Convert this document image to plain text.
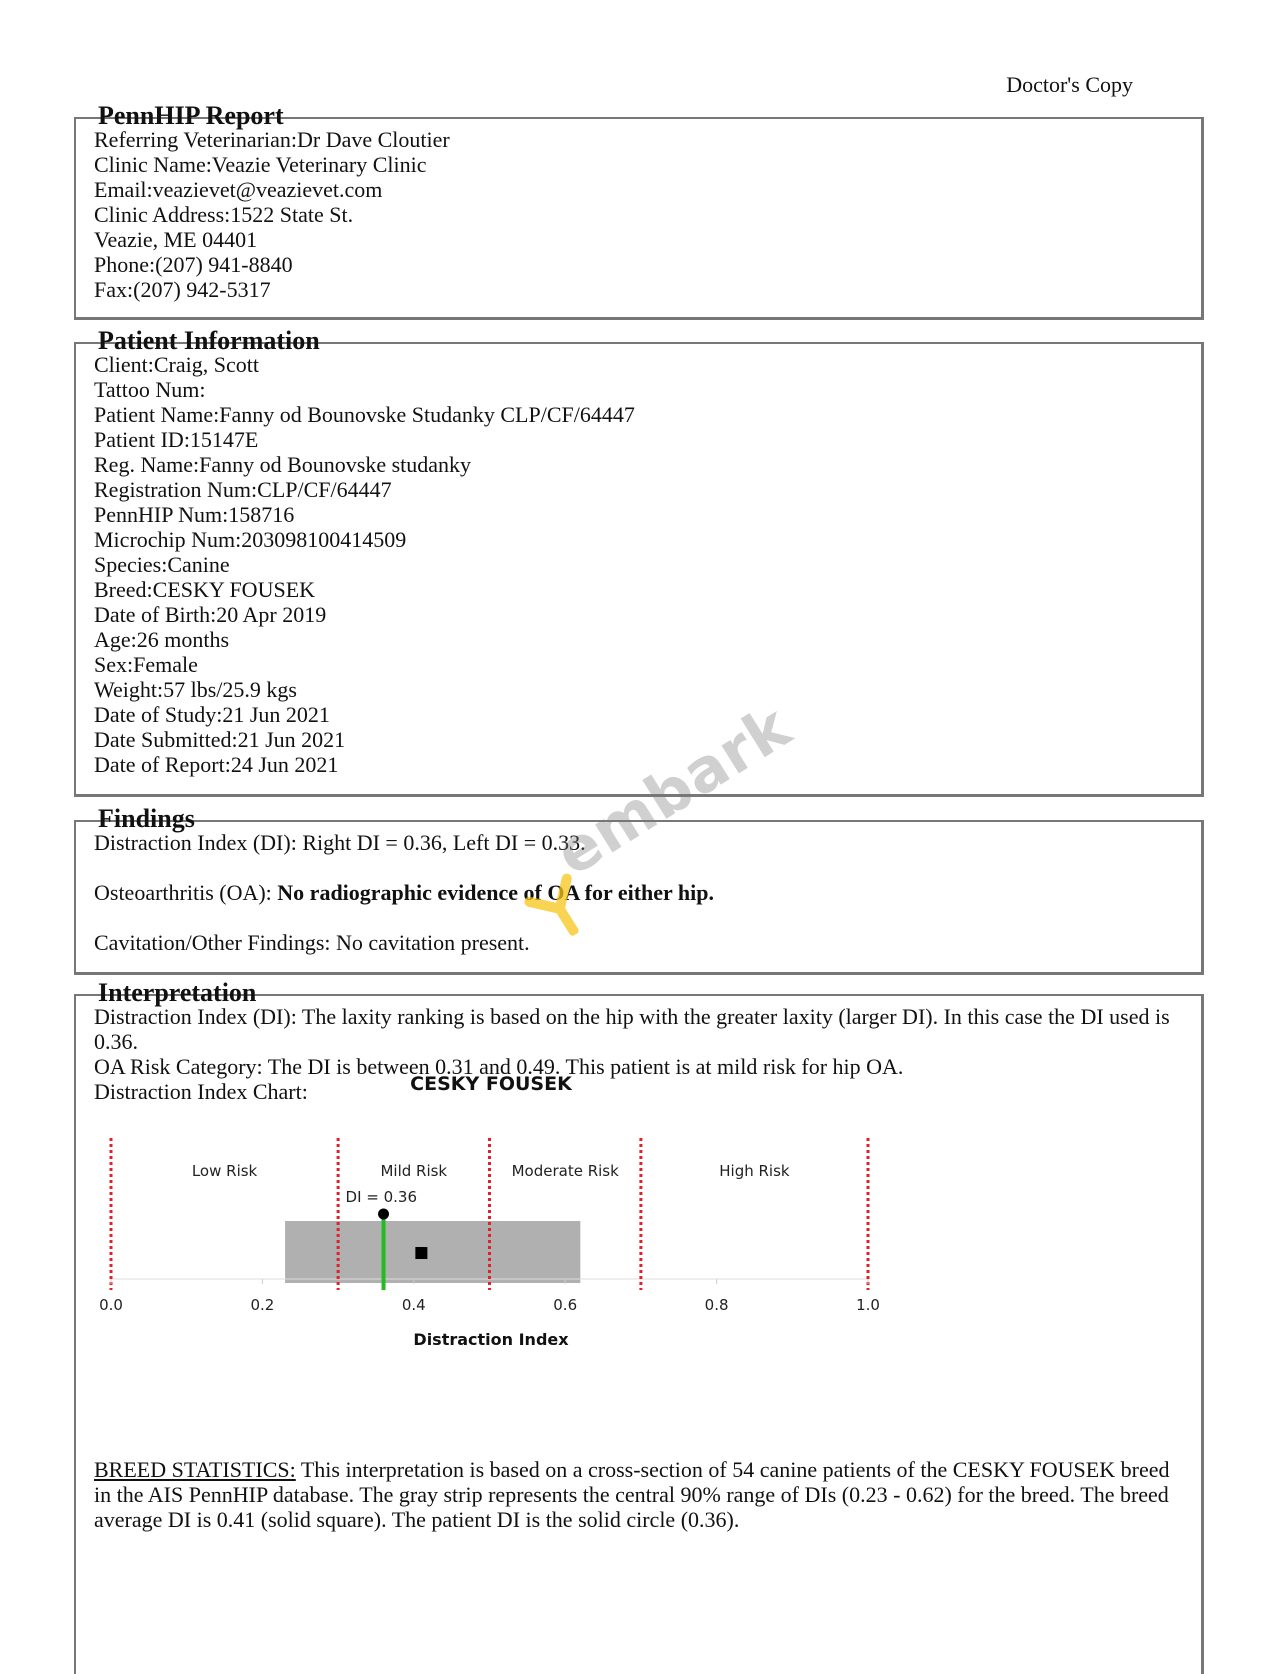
Doctor's Copy
PennHIP Report
Referring Veterinarian:Dr Dave Cloutier
Clinic Name:Veazie Veterinary Clinic
Email:veazievet@veazievet.com
Clinic Address:1522 State St.
Veazie, ME 04401
Phone:(207) 941-8840
Fax:(207) 942-5317
Patient Information
Client:Craig, Scott
Tattoo Num:
Patient Name:Fanny od Bounovske Studanky CLP/CF/64447
Patient ID:15147E
Reg. Name:Fanny od Bounovske studanky
Registration Num:CLP/CF/64447
PennHIP Num:158716
Microchip Num:203098100414509
Species:Canine
Breed:CESKY FOUSEK
Date of Birth:20 Apr 2019
Age:26 months
Sex:Female
Weight:57 lbs/25.9 kgs
Date of Study:21 Jun 2021
Date Submitted:21 Jun 2021
Date of Report:24 Jun 2021
Findings
Distraction Index (DI): Right DI = 0.36, Left DI = 0.33.
Osteoarthritis (OA): No radiographic evidence of OA for either hip.
Cavitation/Other Findings: No cavitation present.
embark
Interpretation
Distraction Index (DI): The laxity ranking is based on the hip with the greater laxity (larger DI). In this case the DI used is 0.36.
OA Risk Category: The DI is between 0.31 and 0.49. This patient is at mild risk for hip OA.
Distraction Index Chart:	CESKY FOUSEK
Low Risk	Mild Risk	Moderate Risk	High Risk
0.0	0.2	0.4	0.6	0.8	1.0
DI = 0.36
Distraction Index
BREED STATISTICS: This interpretation is based on a cross-section of 54 canine patients of the CESKY FOUSEK breed in the AIS PennHIP database. The gray strip represents the central 90% range of DIs (0.23 - 0.62) for the breed. The breed average DI is 0.41 (solid square). The patient DI is the solid circle (0.36).
